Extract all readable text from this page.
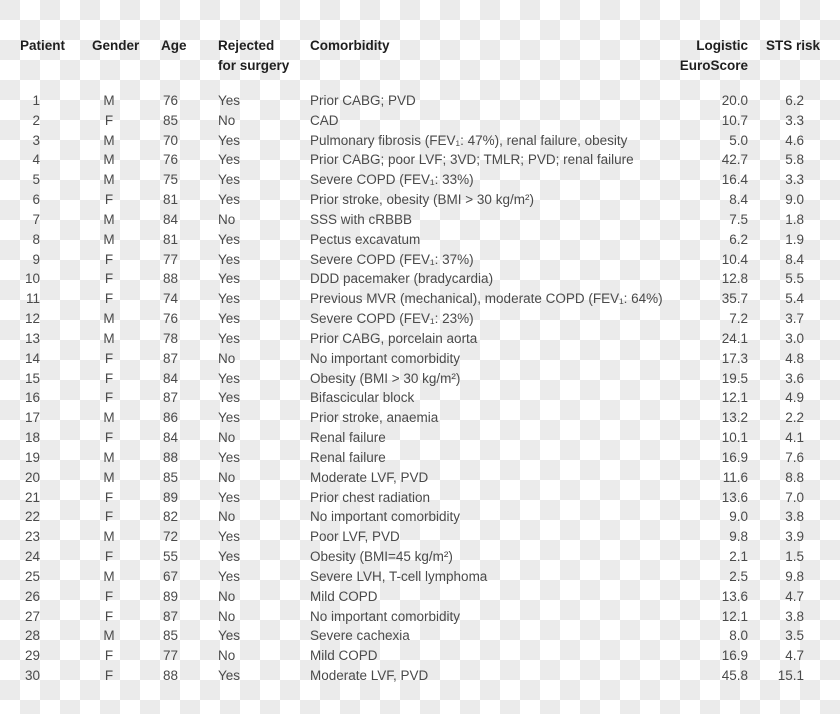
Patient	Gender	Age	Rejected
for surgery	Comorbidity	Logistic
EuroScore	STS risk
1	M	76	Yes	Prior CABG; PVD	20.0	6.2
2	F	85	No	CAD	10.7	3.3
3	M	70	Yes	Pulmonary fibrosis (FEV₁: 47%), renal failure, obesity	5.0	4.6
4	M	76	Yes	Prior CABG; poor LVF; 3VD; TMLR; PVD; renal failure	42.7	5.8
5	M	75	Yes	Severe COPD (FEV₁: 33%)	16.4	3.3
6	F	81	Yes	Prior stroke, obesity (BMI > 30 kg/m²)	8.4	9.0
7	M	84	No	SSS with cRBBB	7.5	1.8
8	M	81	Yes	Pectus excavatum	6.2	1.9
9	F	77	Yes	Severe COPD (FEV₁: 37%)	10.4	8.4
10	F	88	Yes	DDD pacemaker (bradycardia)	12.8	5.5
11	F	74	Yes	Previous MVR (mechanical), moderate COPD (FEV₁: 64%)	35.7	5.4
12	M	76	Yes	Severe COPD (FEV₁: 23%)	7.2	3.7
13	M	78	Yes	Prior CABG, porcelain aorta	24.1	3.0
14	F	87	No	No important comorbidity	17.3	4.8
15	F	84	Yes	Obesity (BMI > 30 kg/m²)	19.5	3.6
16	F	87	Yes	Bifascicular block	12.1	4.9
17	M	86	Yes	Prior stroke, anaemia	13.2	2.2
18	F	84	No	Renal failure	10.1	4.1
19	M	88	Yes	Renal failure	16.9	7.6
20	M	85	No	Moderate LVF, PVD	11.6	8.8
21	F	89	Yes	Prior chest radiation	13.6	7.0
22	F	82	No	No important comorbidity	9.0	3.8
23	M	72	Yes	Poor LVF, PVD	9.8	3.9
24	F	55	Yes	Obesity (BMI=45 kg/m²)	2.1	1.5
25	M	67	Yes	Severe LVH, T-cell lymphoma	2.5	9.8
26	F	89	No	Mild COPD	13.6	4.7
27	F	87	No	No important comorbidity	12.1	3.8
28	M	85	Yes	Severe cachexia	8.0	3.5
29	F	77	No	Mild COPD	16.9	4.7
30	F	88	Yes	Moderate LVF, PVD	45.8	15.1
